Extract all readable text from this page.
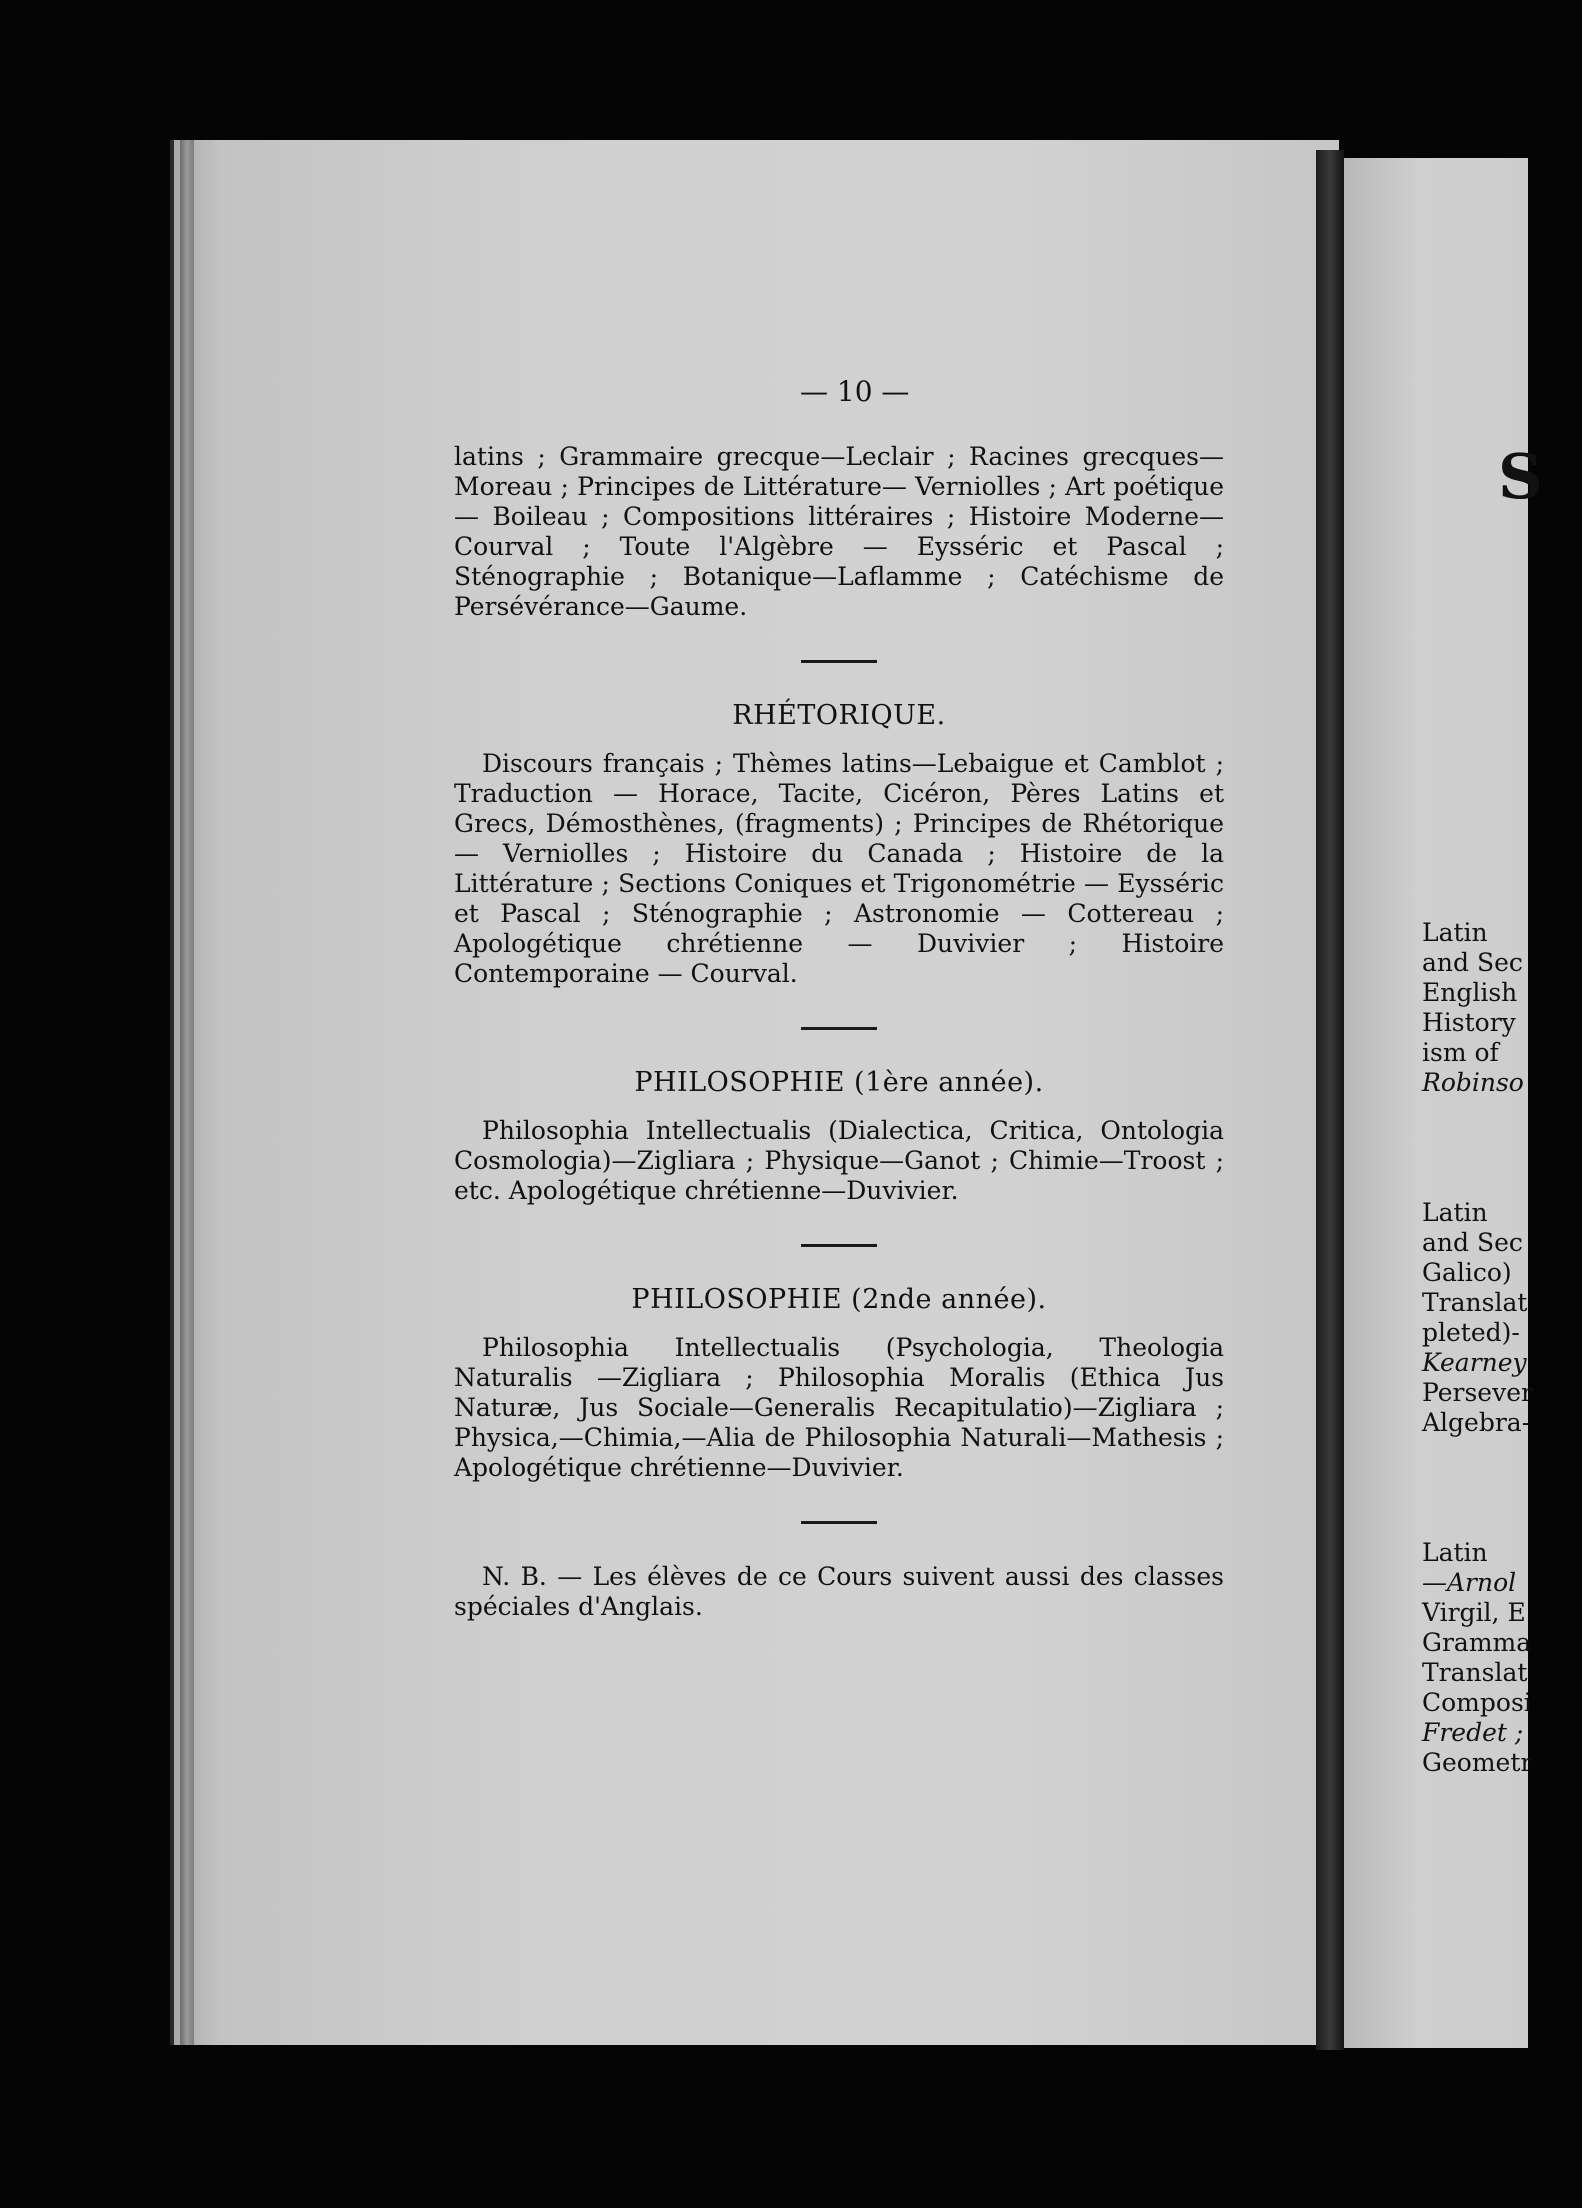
— 10 —

latins ; Grammaire grecque—Leclair ; Racines grecques— Moreau ; Principes de Littérature— Verniolles ; Art poétique— Boileau ; Compositions littéraires ; Histoire Moderne—Courval ; Toute l'Algèbre — Eysséric et Pascal ; Sténographie ; Botanique—Laflamme ; Catéchisme de Persévérance—Gaume.

RHÉTORIQUE.

Discours français ; Thèmes latins—Lebaigue et Camblot ; Traduction — Horace, Tacite, Cicéron, Pères Latins et Grecs, Démosthènes, (fragments) ; Principes de Rhétorique — Verniolles ; Histoire du Canada ; Histoire de la Littérature ; Sections Coniques et Trigonométrie — Eysséric et Pascal ; Sténographie ; Astronomie — Cottereau ; Apologétique chrétienne — Duvivier ; Histoire Contemporaine — Courval.

PHILOSOPHIE (1ère année).

Philosophia Intellectualis (Dialectica, Critica, Ontologia Cosmologia)—Zigliara ; Physique—Ganot ; Chimie—Troost ; etc. Apologétique chrétienne—Duvivier.

PHILOSOPHIE (2nde année).

Philosophia Intellectualis (Psychologia, Theologia Naturalis —Zigliara ; Philosophia Moralis (Ethica Jus Naturæ, Jus Sociale—Generalis Recapitulatio)—Zigliara ; Physica,—Chimia,—Alia de Philosophia Naturali—Mathesis ; Apologétique chrétienne—Duvivier.

N. B. — Les élèves de ce Cours suivent aussi des classes spéciales d'Anglais.

S
Latin
and Sec
English
History
ism of
Robinso
Latin
and Sec
Galico)
Translat
pleted)-
Kearney
Persever
Algebra-
Latin
—Arnol
Virgil, E
Gramma
Translat
Composi
Fredet ;
Geometr
